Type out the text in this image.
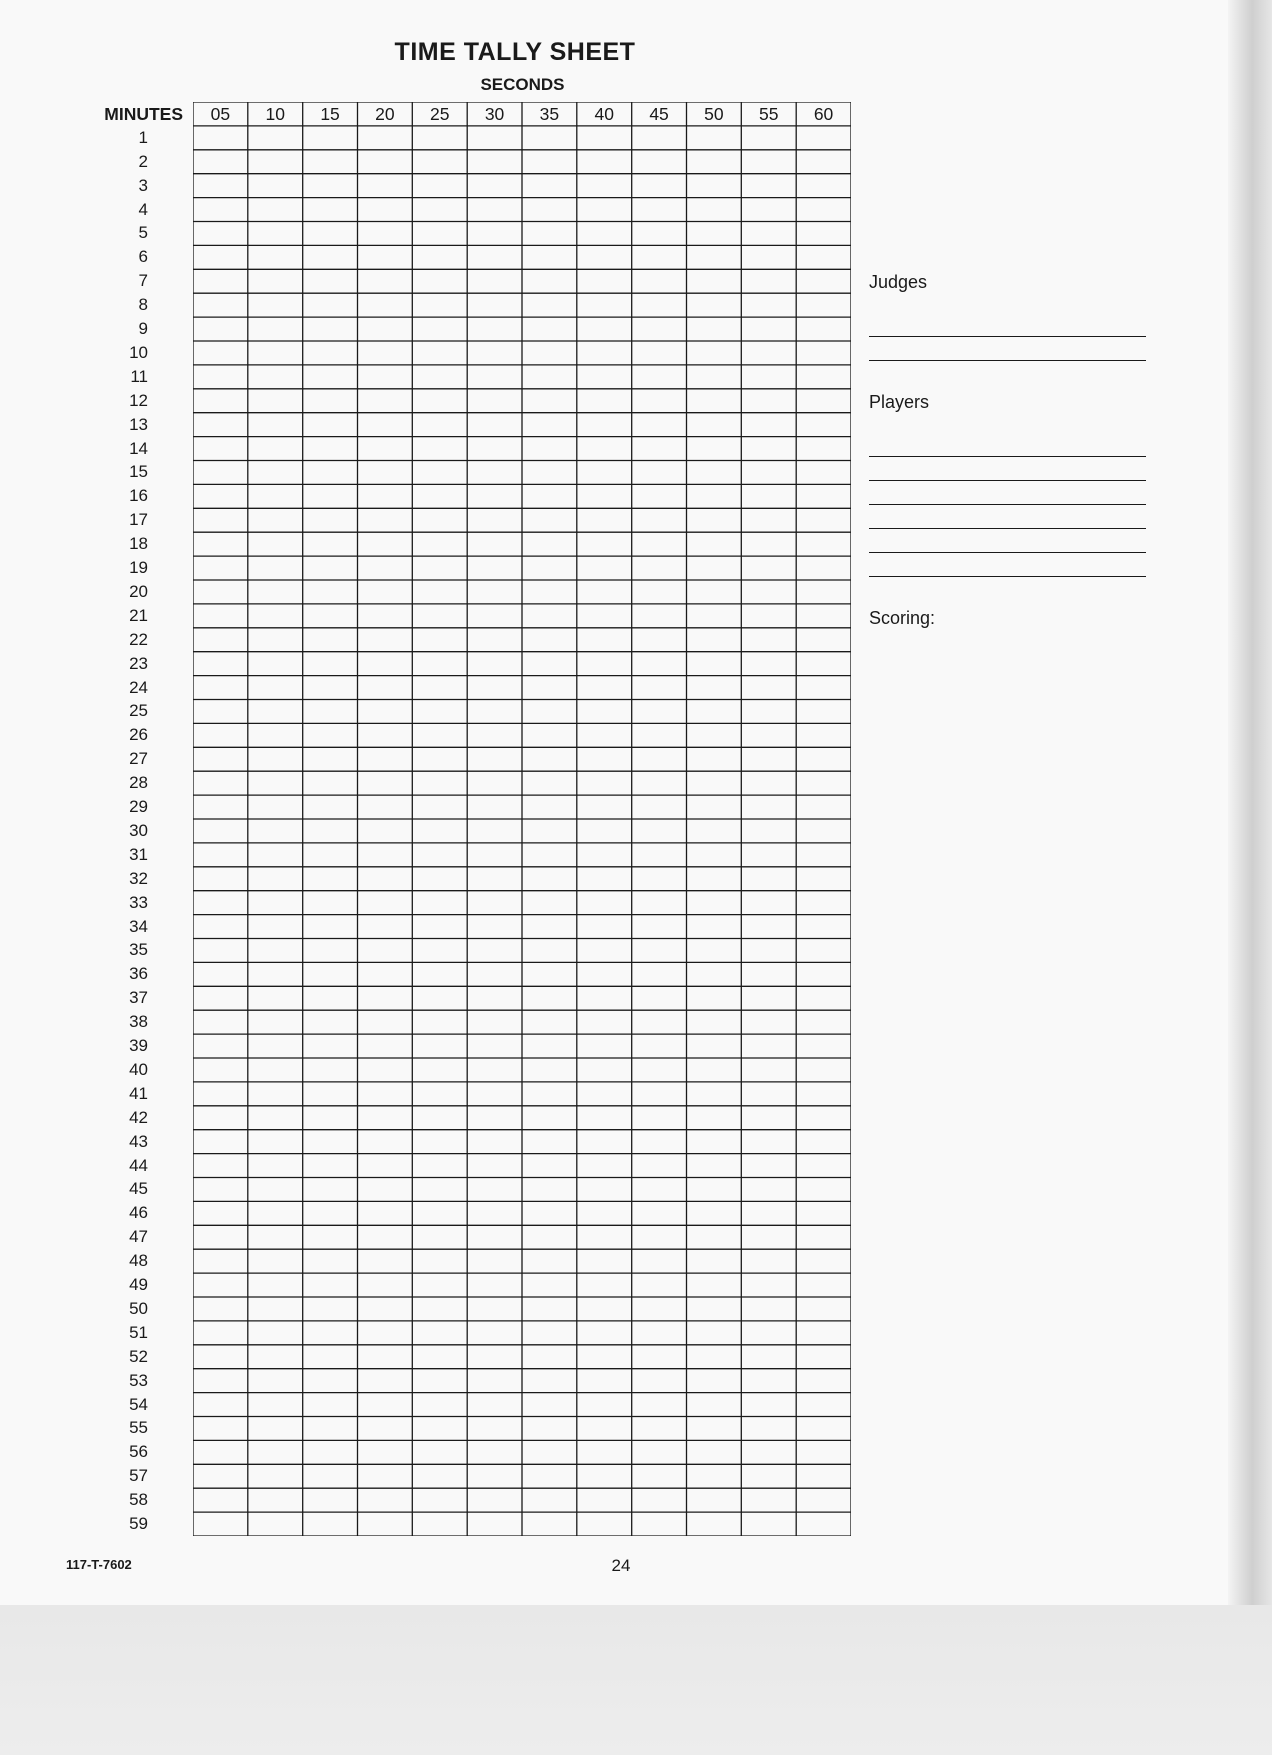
TIME TALLY SHEET
SECONDS
MINUTES	05	10	15	20	25	30	35	40	45	50	55	60
1
2
3
4
5
6
7
8
9
10
11
12
13
14
15
16
17
18
19
20
21
22
23
24
25
26
27
28
29
30
31
32
33
34
35
36
37
38
39
40
41
42
43
44
45
46
47
48
49
50
51
52
53
54
55
56
57
58
59
Judges
Players
Scoring:
117-T-7602	24
